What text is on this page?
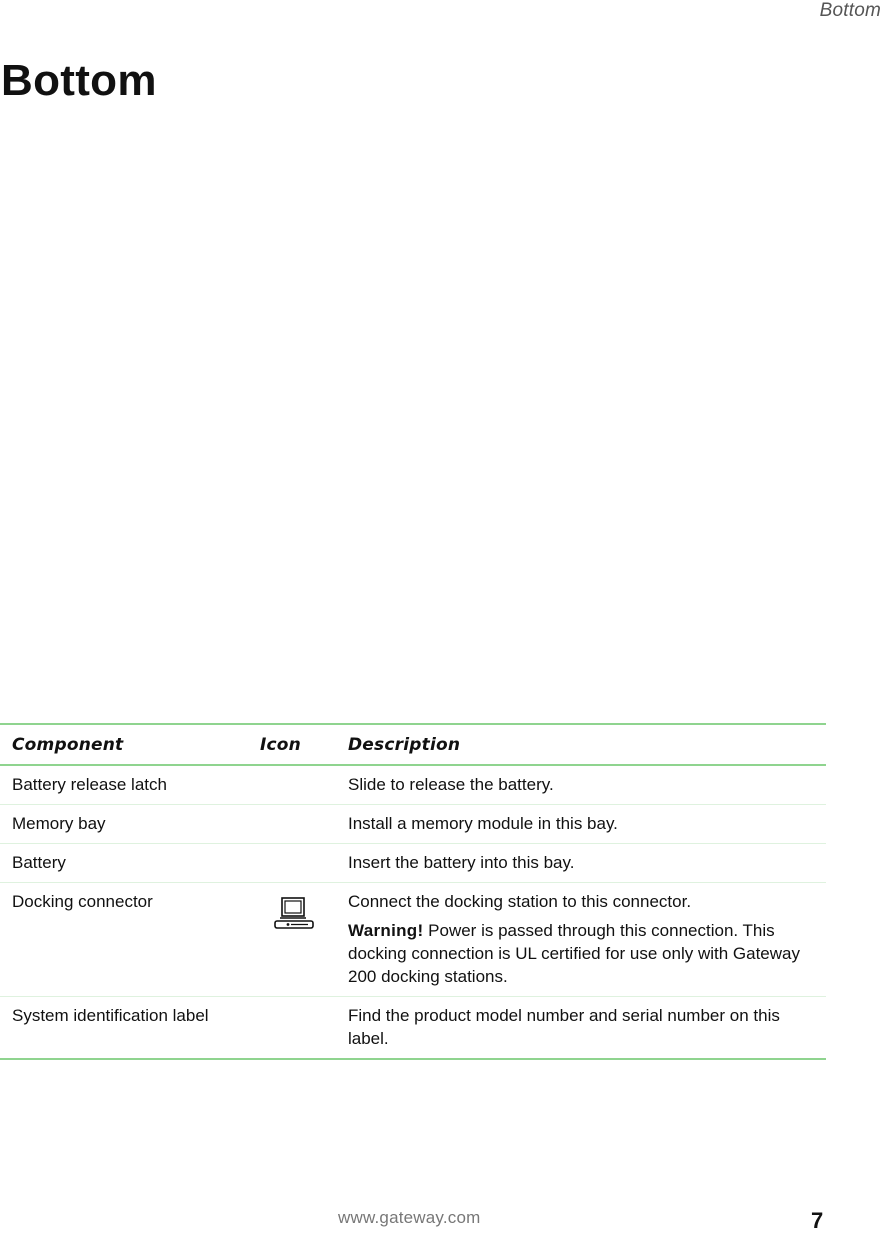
Bottom
Bottom
Component	Icon	Description
Battery release latch		Slide to release the battery.

Memory bay		Install a memory module in this bay.

Battery		Insert the battery into this bay.

Docking connector		Connect the docking station to this connector.

Warning! Power is passed through this connection. This docking connection is UL certified for use only with Gateway 200 docking stations.

System identification label		Find the product model number and serial number on this label.

www.gateway.com	7
